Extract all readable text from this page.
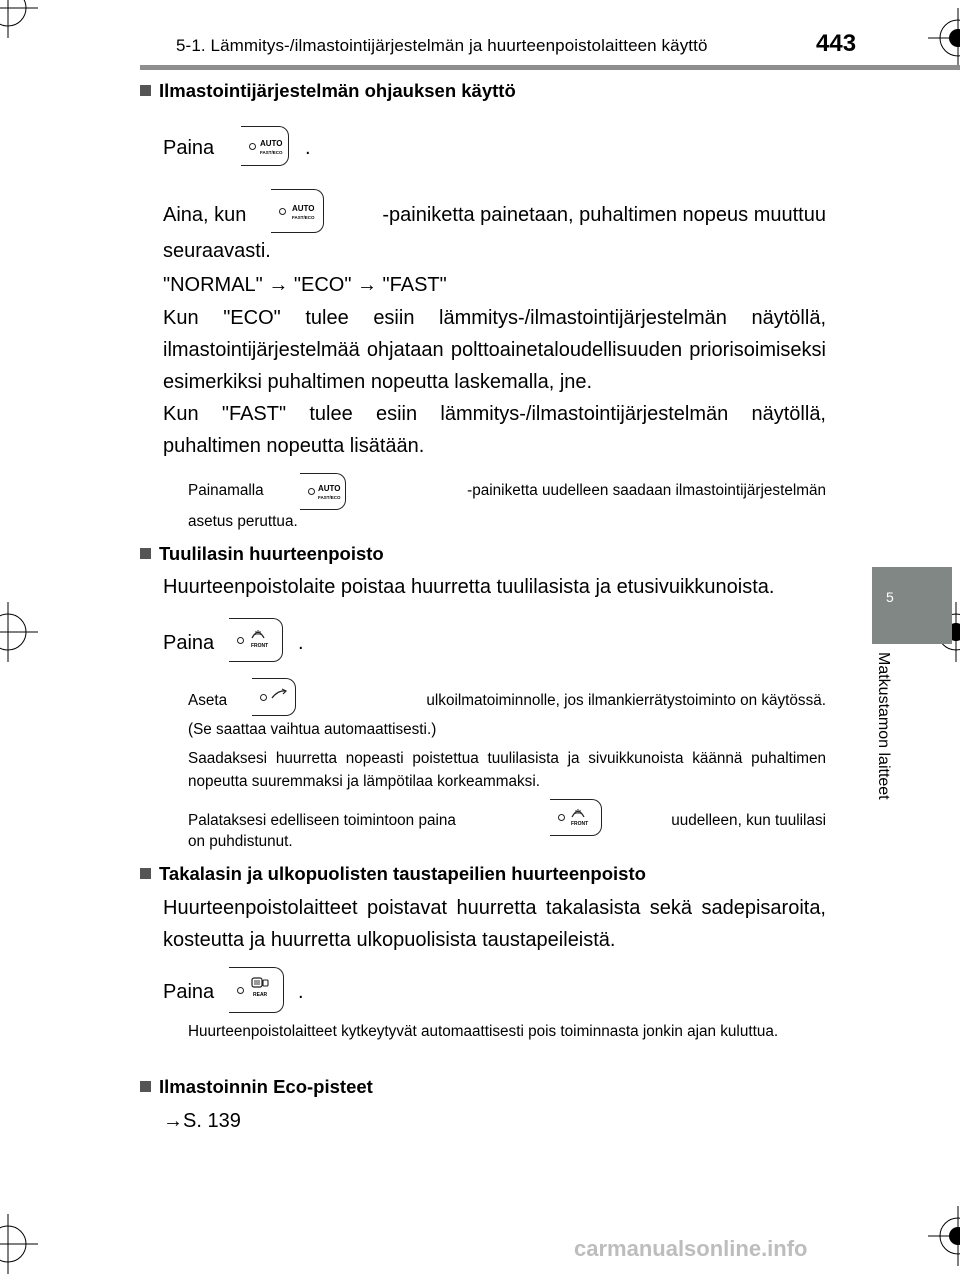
5-1. Lämmitys-/ilmastointijärjestelmän ja huurteenpoistolaitteen käyttö	443
5
Matkustamon laitteet
Ilmastointijärjestelmän ohjauksen käyttö
Paina	AUTO
FAST/ECO .
Aina, kun	AUTO
FAST/ECO	-painiketta painetaan, puhaltimen nopeus muuttuu
seuraavasti.
"NORMAL" → "ECO" → "FAST"
Kun "ECO" tulee esiin lämmitys-/ilmastointijärjestelmän näytöllä, ilmastointijärjestelmää ohjataan polttoainetaloudellisuuden priorisoimiseksi esimerkiksi puhaltimen nopeutta laskemalla, jne.
Kun "FAST" tulee esiin lämmitys-/ilmastointijärjestelmän näytöllä, puhaltimen nopeutta lisätään.
Painamalla	AUTO
FAST/ECO	-painiketta uudelleen saadaan ilmastointijärjestelmän
asetus peruttua.
Tuulilasin huurteenpoisto
Huurteenpoistolaite poistaa huurretta tuulilasista ja etusivuikkunoista.
Paina	FRONT .
Aseta	ulkoilmatoiminnolle, jos ilmankierrätystoiminto on käytössä.
(Se saattaa vaihtua automaattisesti.)
Saadaksesi huurretta nopeasti poistettua tuulilasista ja sivuikkunoista käännä puhaltimen nopeutta suuremmaksi ja lämpötilaa korkeammaksi.
Palataksesi edelliseen toimintoon paina	FRONT	uudelleen, kun tuulilasi
on puhdistunut.
Takalasin ja ulkopuolisten taustapeilien huurteenpoisto
Huurteenpoistolaitteet poistavat huurretta takalasista sekä sadepisaroita, kosteutta ja huurretta ulkopuolisista taustapeileistä.
Paina	REAR .
Huurteenpoistolaitteet kytkeytyvät automaattisesti pois toiminnasta jonkin ajan kuluttua.
Ilmastoinnin Eco-pisteet
→S. 139
carmanualsonline.info
